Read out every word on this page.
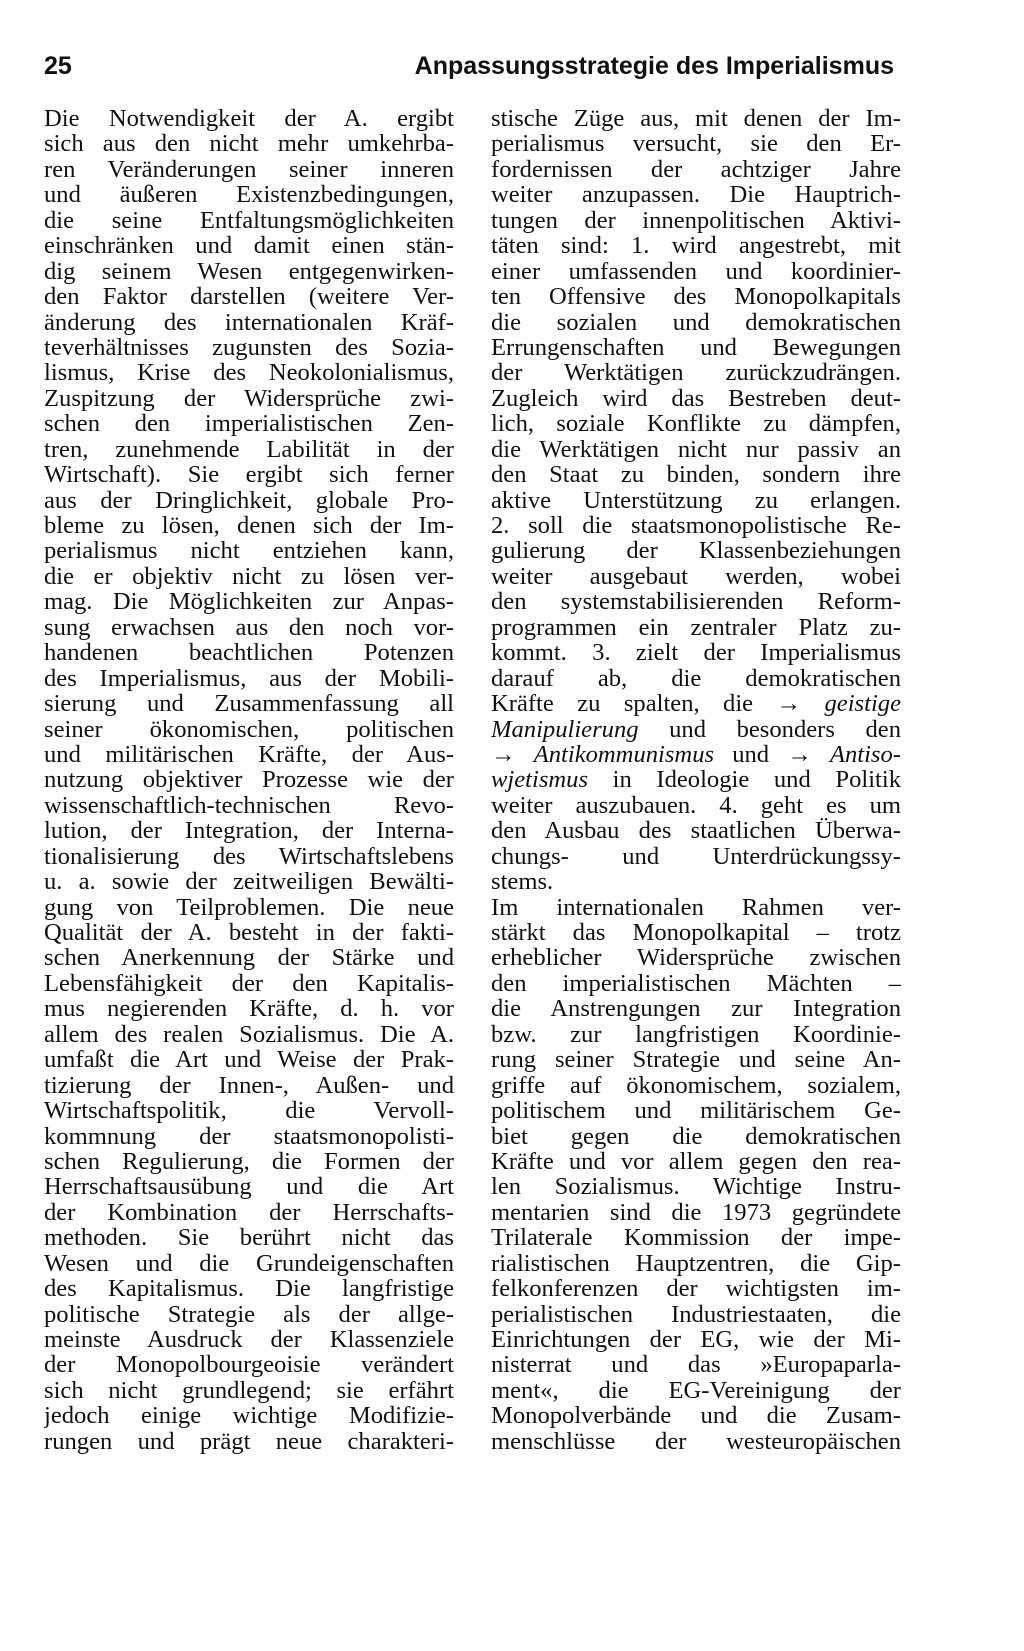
25	Anpassungsstrategie des Imperialismus
Die Notwendigkeit der A. ergibt
sich aus den nicht mehr umkehrba-
ren Veränderungen seiner inneren
und äußeren Existenzbedingungen,
die seine Entfaltungsmöglichkeiten
einschränken und damit einen stän-
dig seinem Wesen entgegenwirken-
den Faktor darstellen (weitere Ver-
änderung des internationalen Kräf-
teverhältnisses zugunsten des Sozia-
lismus, Krise des Neokolonialismus,
Zuspitzung der Widersprüche zwi-
schen den imperialistischen Zen-
tren, zunehmende Labilität in der
Wirtschaft). Sie ergibt sich ferner
aus der Dringlichkeit, globale Pro-
bleme zu lösen, denen sich der Im-
perialismus nicht entziehen kann,
die er objektiv nicht zu lösen ver-
mag. Die Möglichkeiten zur Anpas-
sung erwachsen aus den noch vor-
handenen beachtlichen Potenzen
des Imperialismus, aus der Mobili-
sierung und Zusammenfassung all
seiner ökonomischen, politischen
und militärischen Kräfte, der Aus-
nutzung objektiver Prozesse wie der
wissenschaftlich-technischen Revo-
lution, der Integration, der Interna-
tionalisierung des Wirtschaftslebens
u. a. sowie der zeitweiligen Bewälti-
gung von Teilproblemen. Die neue
Qualität der A. besteht in der fakti-
schen Anerkennung der Stärke und
Lebensfähigkeit der den Kapitalis-
mus negierenden Kräfte, d. h. vor
allem des realen Sozialismus. Die A.
umfaßt die Art und Weise der Prak-
tizierung der Innen-, Außen- und
Wirtschaftspolitik, die Vervoll-
kommnung der staatsmonopolisti-
schen Regulierung, die Formen der
Herrschaftsausübung und die Art
der Kombination der Herrschafts-
methoden. Sie berührt nicht das
Wesen und die Grundeigenschaften
des Kapitalismus. Die langfristige
politische Strategie als der allge-
meinste Ausdruck der Klassenziele
der Monopolbourgeoisie verändert
sich nicht grundlegend; sie erfährt
jedoch einige wichtige Modifizie-
rungen und prägt neue charakteri-
stische Züge aus, mit denen der Im-
perialismus versucht, sie den Er-
fordernissen der achtziger Jahre
weiter anzupassen. Die Hauptrich-
tungen der innenpolitischen Aktivi-
täten sind: 1. wird angestrebt, mit
einer umfassenden und koordinier-
ten Offensive des Monopolkapitals
die sozialen und demokratischen
Errungenschaften und Bewegungen
der Werktätigen zurückzudrängen.
Zugleich wird das Bestreben deut-
lich, soziale Konflikte zu dämpfen,
die Werktätigen nicht nur passiv an
den Staat zu binden, sondern ihre
aktive Unterstützung zu erlangen.
2. soll die staatsmonopolistische Re-
gulierung der Klassenbeziehungen
weiter ausgebaut werden, wobei
den systemstabilisierenden Reform-
programmen ein zentraler Platz zu-
kommt. 3. zielt der Imperialismus
darauf ab, die demokratischen
Kräfte zu spalten, die → geistige
Manipulierung und besonders den
→ Antikommunismus und → Antiso-
wjetismus in Ideologie und Politik
weiter auszubauen. 4. geht es um
den Ausbau des staatlichen Überwa-
chungs- und Unterdrückungssy-
stems.
Im internationalen Rahmen ver-
stärkt das Monopolkapital – trotz
erheblicher Widersprüche zwischen
den imperialistischen Mächten –
die Anstrengungen zur Integration
bzw. zur langfristigen Koordinie-
rung seiner Strategie und seine An-
griffe auf ökonomischem, sozialem,
politischem und militärischem Ge-
biet gegen die demokratischen
Kräfte und vor allem gegen den rea-
len Sozialismus. Wichtige Instru-
mentarien sind die 1973 gegründete
Trilaterale Kommission der impe-
rialistischen Hauptzentren, die Gip-
felkonferenzen der wichtigsten im-
perialistischen Industriestaaten, die
Einrichtungen der EG, wie der Mi-
nisterrat und das »Europaparla-
ment«, die EG-Vereinigung der
Monopolverbände und die Zusam-
menschlüsse der westeuropäischen
